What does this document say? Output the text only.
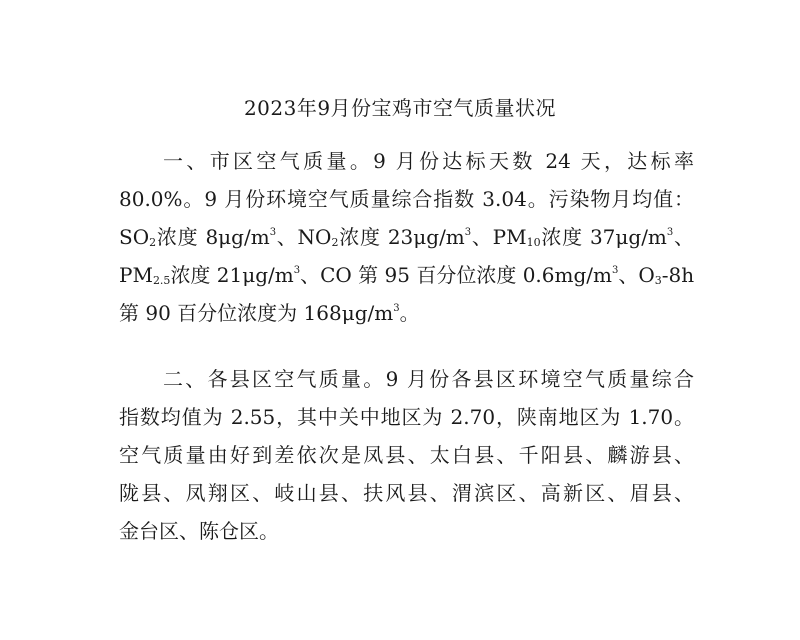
2023年9月份宝鸡市空气质量状况
一、市区空气质量。9 月份达标天数 24 天，达标率
80.0%。9 月份环境空气质量综合指数 3.04。污染物月均值：
$SO_2$浓度 $8\mu g/m^3$、$NO_2$浓度 $23\mu g/m^3$、$PM_{10}$浓度 $37\mu g/m^3$、
$PM_{2.5}$浓度 $21\mu g/m^3$、CO 第 95 百分位浓度 $0.6mg/m^3$、$O_3-8h$
第 90 百分位浓度为 $168\mu g/m^3$。
二、各县区空气质量。9 月份各县区环境空气质量综合
指数均值为 2.55，其中关中地区为 2.70，陕南地区为 1.70。
空气质量由好到差依次是凤县、太白县、千阳县、麟游县、
陇县、凤翔区、岐山县、扶风县、渭滨区、高新区、眉县、
金台区、陈仓区。
